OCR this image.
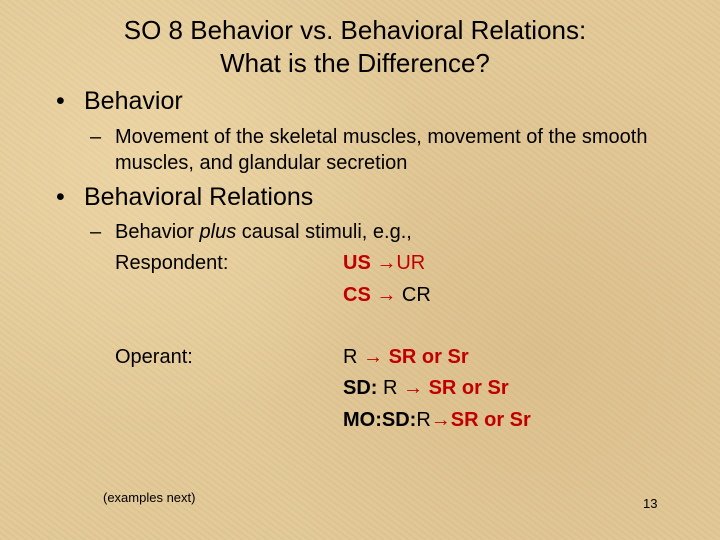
SO 8 Behavior vs. Behavioral Relations:
What is the Difference?
• Behavior
– Movement of the skeletal muscles, movement of the smooth muscles, and glandular secretion
• Behavioral Relations
– Behavior plus causal stimuli, e.g.,
Respondent:	US →UR
CS → CR
Operant:	R → SR or Sr
SD: R → SR or Sr
MO:SD:R→SR or Sr
(examples next)	13
